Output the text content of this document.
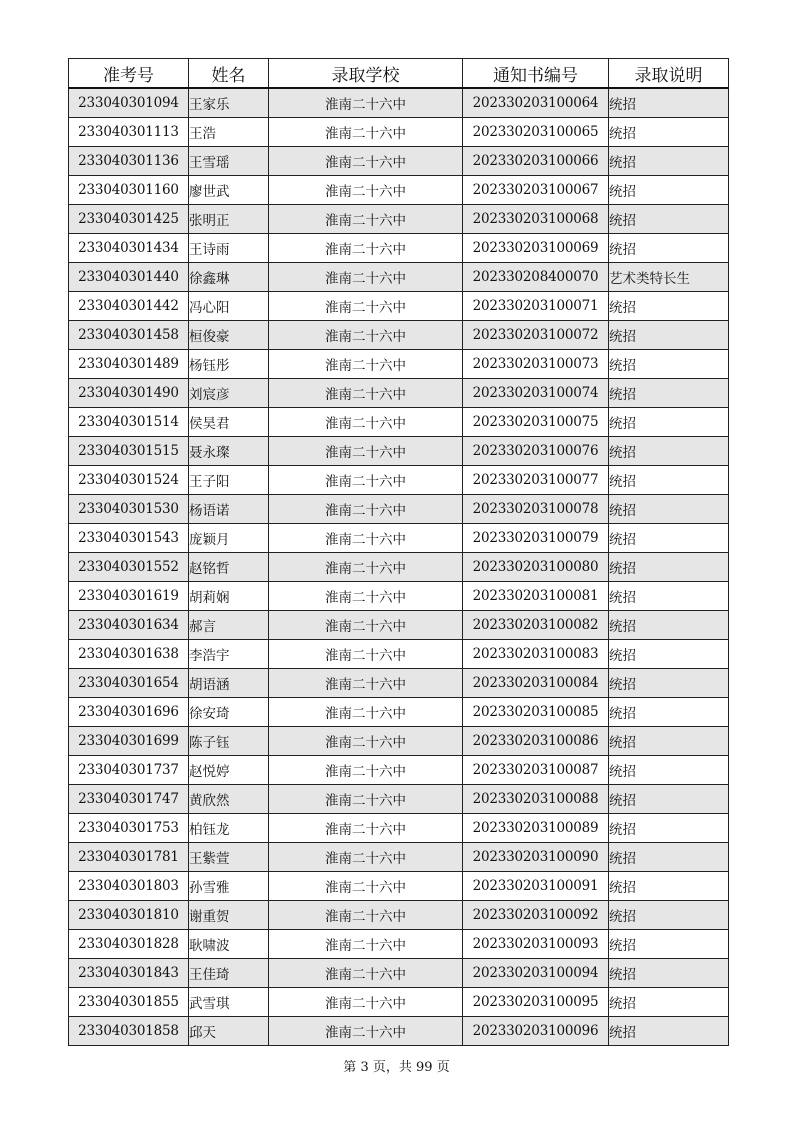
准考号	姓名	录取学校	通知书编号	录取说明
233040301094	王家乐	淮南二十六中	202330203100064	统招
233040301113	王浩	淮南二十六中	202330203100065	统招
233040301136	王雪瑶	淮南二十六中	202330203100066	统招
233040301160	廖世武	淮南二十六中	202330203100067	统招
233040301425	张明正	淮南二十六中	202330203100068	统招
233040301434	王诗雨	淮南二十六中	202330203100069	统招
233040301440	徐鑫琳	淮南二十六中	202330208400070	艺术类特长生
233040301442	冯心阳	淮南二十六中	202330203100071	统招
233040301458	桓俊豪	淮南二十六中	202330203100072	统招
233040301489	杨钰彤	淮南二十六中	202330203100073	统招
233040301490	刘宸彦	淮南二十六中	202330203100074	统招
233040301514	侯昊君	淮南二十六中	202330203100075	统招
233040301515	聂永璨	淮南二十六中	202330203100076	统招
233040301524	王子阳	淮南二十六中	202330203100077	统招
233040301530	杨语诺	淮南二十六中	202330203100078	统招
233040301543	庞颖月	淮南二十六中	202330203100079	统招
233040301552	赵铭哲	淮南二十六中	202330203100080	统招
233040301619	胡莉娴	淮南二十六中	202330203100081	统招
233040301634	郝言	淮南二十六中	202330203100082	统招
233040301638	李浩宇	淮南二十六中	202330203100083	统招
233040301654	胡语涵	淮南二十六中	202330203100084	统招
233040301696	徐安琦	淮南二十六中	202330203100085	统招
233040301699	陈子钰	淮南二十六中	202330203100086	统招
233040301737	赵悦婷	淮南二十六中	202330203100087	统招
233040301747	黄欣然	淮南二十六中	202330203100088	统招
233040301753	柏钰龙	淮南二十六中	202330203100089	统招
233040301781	王紫萱	淮南二十六中	202330203100090	统招
233040301803	孙雪雅	淮南二十六中	202330203100091	统招
233040301810	谢重贺	淮南二十六中	202330203100092	统招
233040301828	耿啸波	淮南二十六中	202330203100093	统招
233040301843	王佳琦	淮南二十六中	202330203100094	统招
233040301855	武雪琪	淮南二十六中	202330203100095	统招
233040301858	邱天	淮南二十六中	202330203100096	统招
第 3 页，共 99 页
